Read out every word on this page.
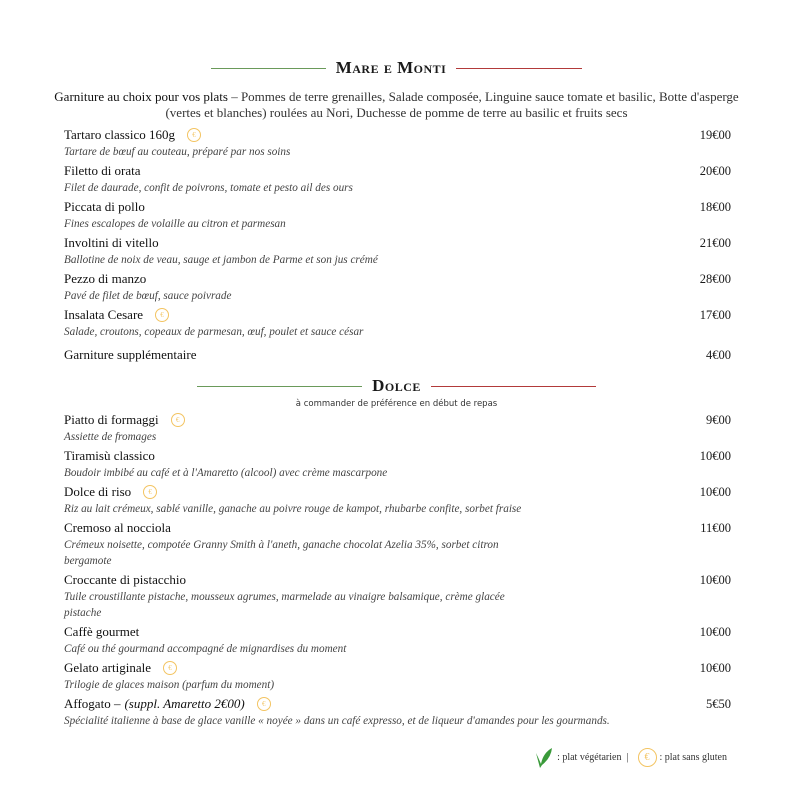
Mare e Monti
Garniture au choix pour vos plats – Pommes de terre grenailles, Salade composée, Linguine sauce tomate et basilic, Botte d'asperge (vertes et blanches) roulées au Nori, Duchesse de pomme de terre au basilic et fruits secs
Tartaro classico 160g	€	19€00
Tartare de bœuf au couteau, préparé par nos soins
Filetto di orata	20€00
Filet de daurade, confit de poivrons, tomate et pesto ail des ours
Piccata di pollo	18€00
Fines escalopes de volaille au citron et parmesan
Involtini di vitello	21€00
Ballotine de noix de veau, sauge et jambon de Parme et son jus crémé
Pezzo di manzo	28€00
Pavé de filet de bœuf, sauce poivrade
Insalata Cesare	€	17€00
Salade, croutons, copeaux de parmesan, œuf, poulet et sauce césar
Garniture supplémentaire	4€00
Dolce
à commander de préférence en début de repas
Piatto di formaggi	€	9€00
Assiette de fromages
Tiramisù classico	10€00
Boudoir imbibé au café et à l'Amaretto (alcool) avec crème mascarpone
Dolce di riso	€	10€00
Riz au lait crémeux, sablé vanille, ganache au poivre rouge de kampot, rhubarbe confite, sorbet fraise
Cremoso al nocciola	11€00
Crémeux noisette, compotée Granny Smith à l'aneth, ganache chocolat Azelia 35%, sorbet citron
bergamote
Croccante di pistacchio	10€00
Tuile croustillante pistache, mousseux agrumes, marmelade au vinaigre balsamique, crème glacée
pistache
Caffè gourmet	10€00
Café ou thé gourmand accompagné de mignardises du moment
Gelato artiginale	€	10€00
Trilogie de glaces maison (parfum du moment)
Affogato – (suppl. Amaretto 2€00)	€	5€50
Spécialité italienne à base de glace vanille « noyée » dans un café expresso, et de liqueur d'amandes pour les gourmands.
: plat végétarien |	€	: plat sans gluten
